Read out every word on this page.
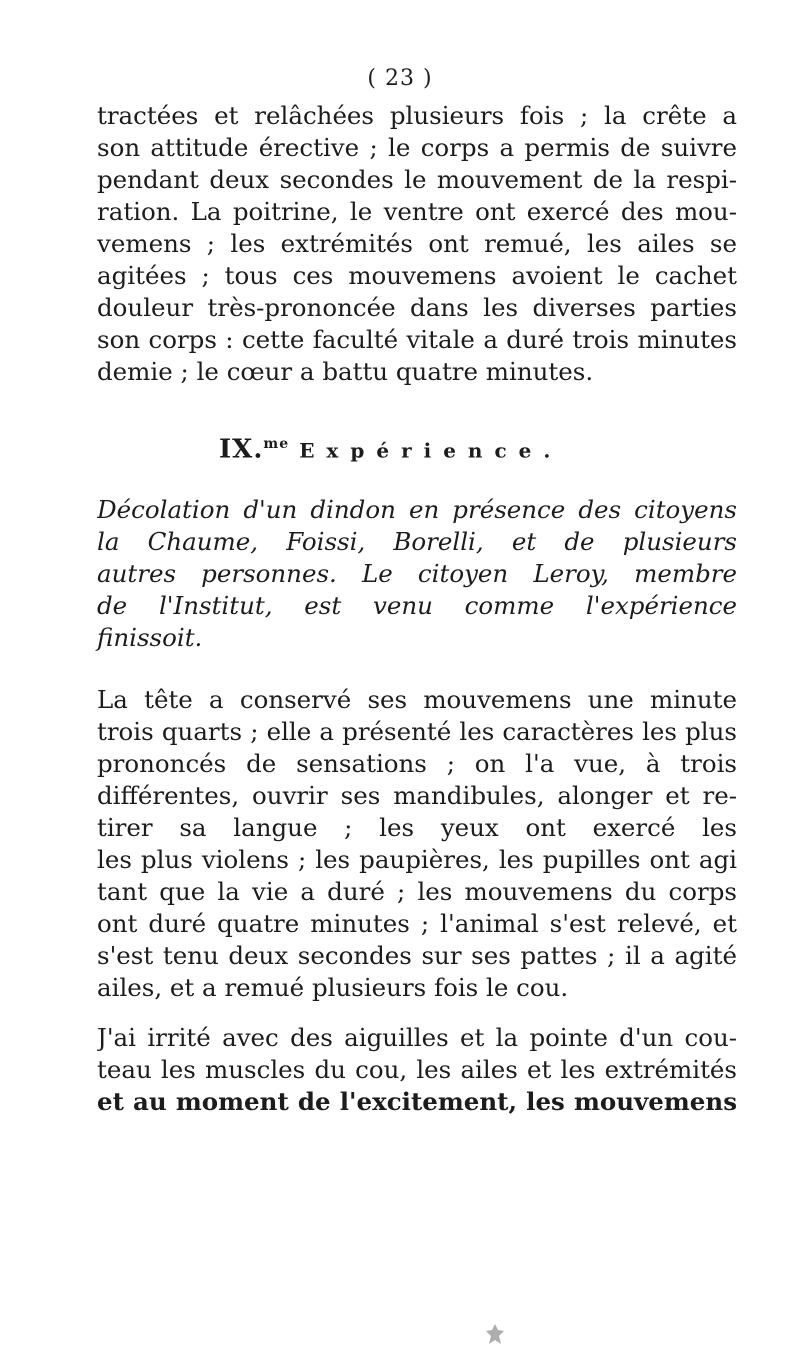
( 23 )
tractées et relâchées plusieurs fois ; la crête a
son attitude érective ; le corps a permis de suivre
pendant deux secondes le mouvement de la respi-
ration. La poitrine, le ventre ont exercé des mou-
vemens ; les extrémités ont remué, les ailes se
agitées ; tous ces mouvemens avoient le cachet
douleur très-prononcée dans les diverses parties
son corps : cette faculté vitale a duré trois minutes
demie ; le cœur a battu quatre minutes.
IX.$^{me}$ Expérience.
Décolation d'un dindon en présence des citoyens
la Chaume, Foissi, Borelli, et de plusieurs
autres personnes. Le citoyen Leroy, membre
de l'Institut, est venu comme l'expérience
finissoit.
La tête a conservé ses mouvemens une minute
trois quarts ; elle a présenté les caractères les plus
prononcés de sensations ; on l'a vue, à trois
différentes, ouvrir ses mandibules, alonger et re-
tirer sa langue ; les yeux ont exercé les
les plus violens ; les paupières, les pupilles ont agi
tant que la vie a duré ; les mouvemens du corps
ont duré quatre minutes ; l'animal s'est relevé, et
s'est tenu deux secondes sur ses pattes ; il a agité
ailes, et a remué plusieurs fois le cou.
J'ai irrité avec des aiguilles et la pointe d'un cou-
teau les muscles du cou, les ailes et les extrémités
et au moment de l'excitement, les mouvemens
